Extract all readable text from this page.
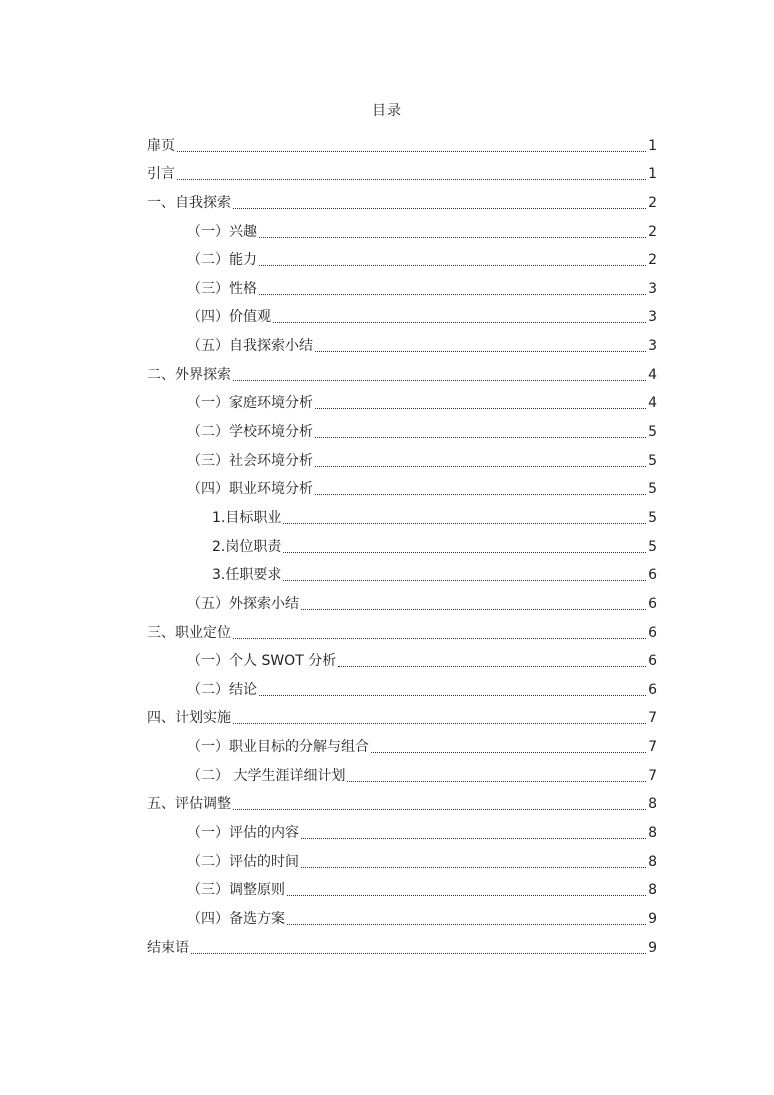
目录
扉页	1
引言	1
一、自我探索	2
（一）兴趣	2
（二）能力	2
（三）性格	3
（四）价值观	3
（五）自我探索小结	3
二、外界探索	4
（一）家庭环境分析	4
（二）学校环境分析	5
（三）社会环境分析	5
（四）职业环境分析	5
1.目标职业	5
2.岗位职责	5
3.任职要求	6
（五）外探索小结	6
三、职业定位	6
（一）个人 SWOT 分析	6
（二）结论	6
四、计划实施	7
（一）职业目标的分解与组合	7
（二） 大学生涯详细计划	7
五、评估调整	8
（一）评估的内容	8
（二）评估的时间	8
（三）调整原则	8
（四）备选方案	9
结束语	9
